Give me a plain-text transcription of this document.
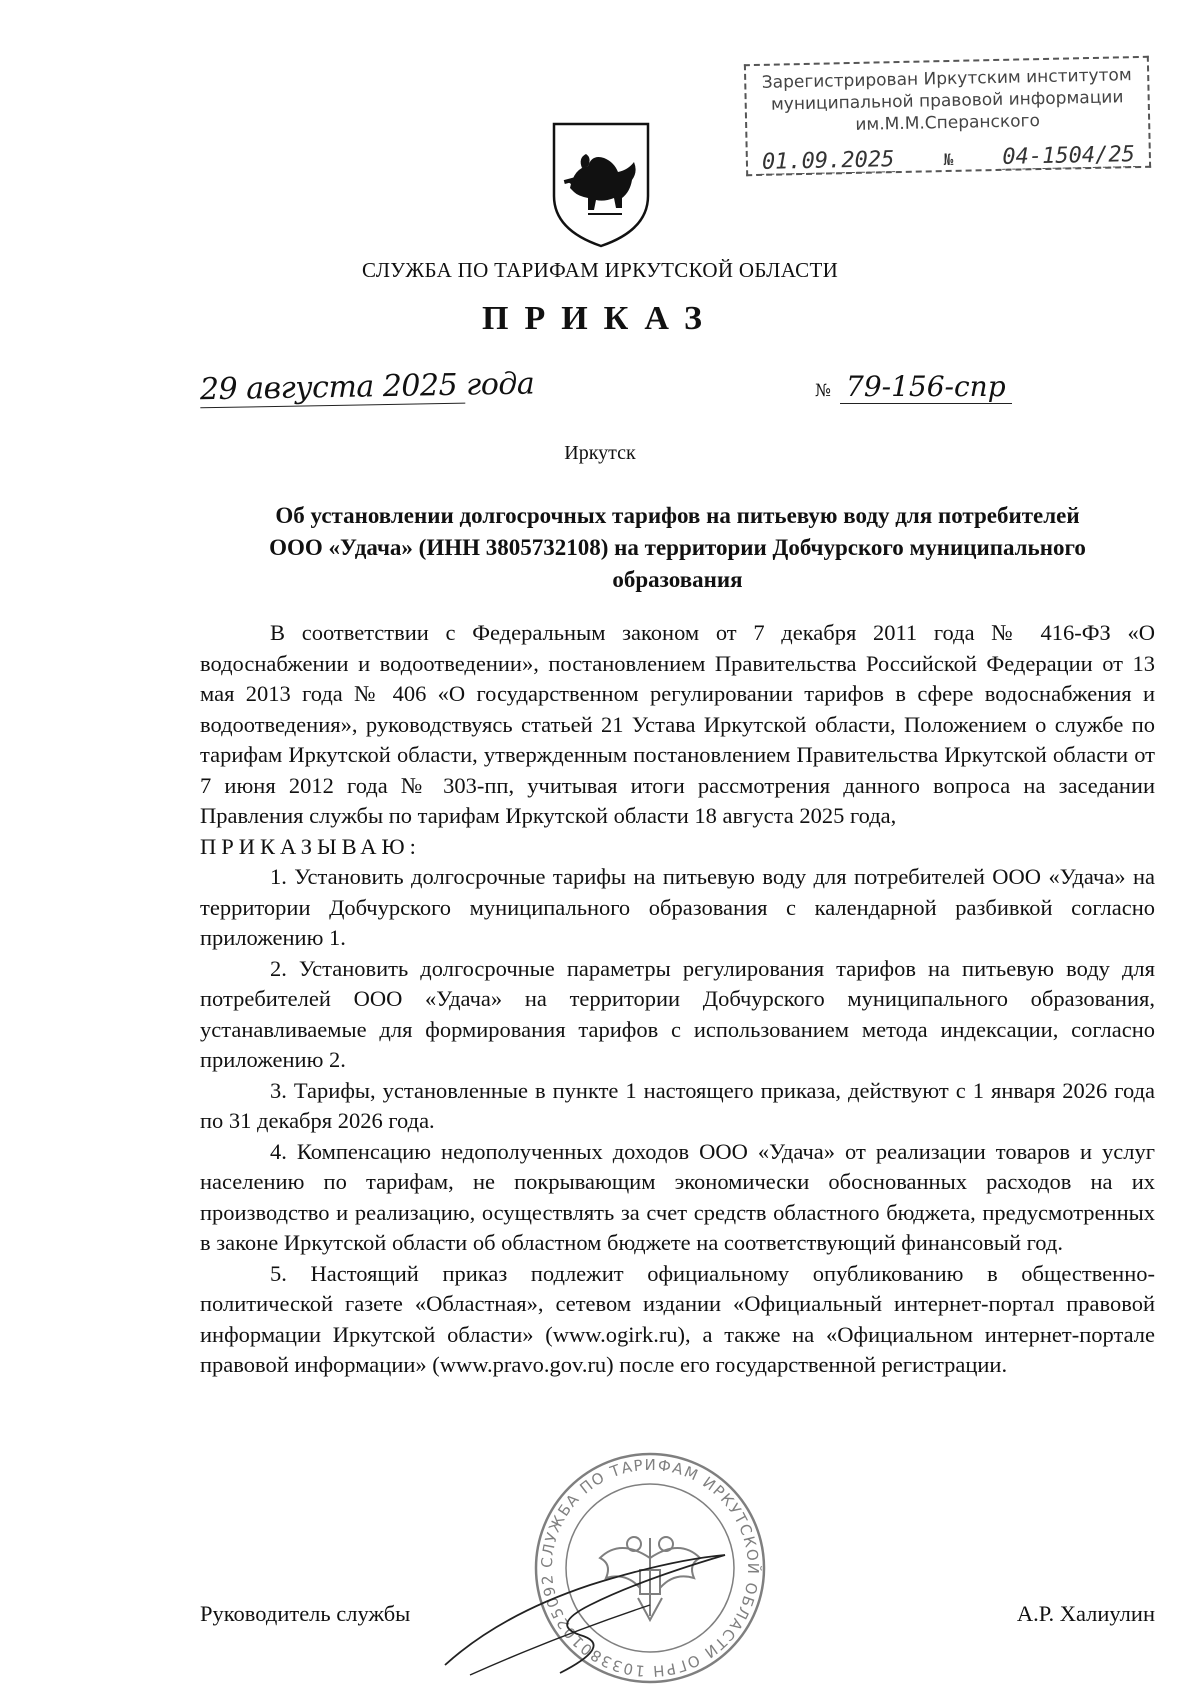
Зарегистрирован Иркутским институтом
муниципальной правовой информации
им.М.М.Сперанского
01.09.2025	№ 04-1504/25
СЛУЖБА ПО ТАРИФАМ ИРКУТСКОЙ ОБЛАСТИ
ПРИКАЗ
29 августа 2025 года	№ 79-156-спр
Иркутск
Об установлении долгосрочных тарифов на питьевую воду для потребителей
ООО «Удача» (ИНН 3805732108) на территории Добчурского муниципального
образования

В соответствии с Федеральным законом от 7 декабря 2011 года № 416-ФЗ «О водоснабжении и водоотведении», постановлением Правительства Российской Федерации от 13 мая 2013 года № 406 «О государственном регулировании тарифов в сфере водоснабжения и водоотведения», руководствуясь статьей 21 Устава Иркутской области, Положением о службе по тарифам Иркутской области, утвержденным постановлением Правительства Иркутской области от 7 июня 2012 года № 303-пп, учитывая итоги рассмотрения данного вопроса на заседании Правления службы по тарифам Иркутской области 18 августа 2025 года,

ПРИКАЗЫВАЮ:

1. Установить долгосрочные тарифы на питьевую воду для потребителей ООО «Удача» на территории Добчурского муниципального образования с календарной разбивкой согласно приложению 1.

2. Установить долгосрочные параметры регулирования тарифов на питьевую воду для потребителей ООО «Удача» на территории Добчурского муниципального образования, устанавливаемые для формирования тарифов с использованием метода индексации, согласно приложению 2.

3. Тарифы, установленные в пункте 1 настоящего приказа, действуют с 1 января 2026 года по 31 декабря 2026 года.

4. Компенсацию недополученных доходов ООО «Удача» от реализации товаров и услуг населению по тарифам, не покрывающим экономически обоснованных расходов на их производство и реализацию, осуществлять за счет средств областного бюджета, предусмотренных в законе Иркутской области об областном бюджете на соответствующий финансовый год.

5. Настоящий приказ подлежит официальному опубликованию в общественно-политической газете «Областная», сетевом издании «Официальный интернет-портал правовой информации Иркутской области» (www.ogirk.ru), а также на «Официальном интернет-портале правовой информации» (www.pravo.gov.ru) после его государственной регистрации.

СЛУЖБА ПО ТАРИФАМ ИРКУТСКОЙ ОБЛАСТИ ОГРН 1033801025092
Руководитель службы	А.Р. Халиулин
